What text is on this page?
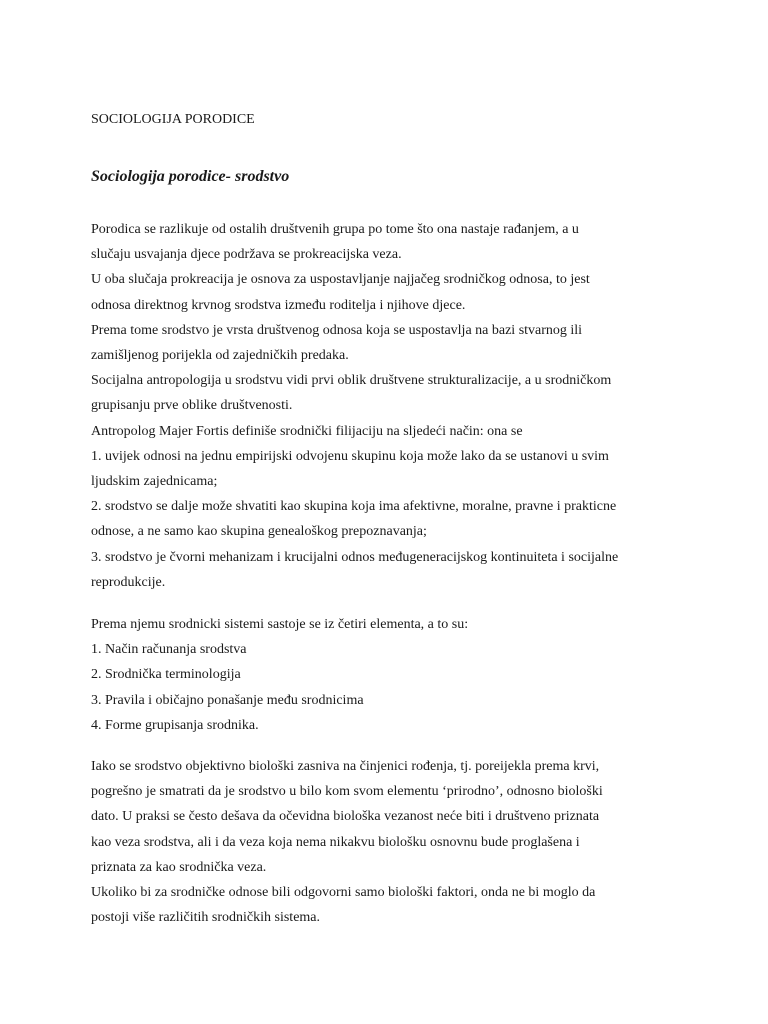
SOCIOLOGIJA PORODICE
Sociologija porodice- srodstvo
Porodica se razlikuje od ostalih društvenih grupa po tome što ona nastaje rađanjem, a u
slučaju usvajanja djece podržava se prokreacijska veza.
U oba slučaja prokreacija je osnova za uspostavljanje najjačeg srodničkog odnosa, to jest
odnosa direktnog krvnog srodstva između roditelja i njihove djece.
Prema tome srodstvo je vrsta društvenog odnosa koja se uspostavlja na bazi stvarnog ili
zamišljenog porijekla od zajedničkih predaka.
Socijalna antropologija u srodstvu vidi prvi oblik društvene strukturalizacije, a u srodničkom
grupisanju prve oblike društvenosti.
Antropolog Majer Fortis definiše srodnički filijaciju na sljedeći način: ona se
1. uvijek odnosi na jednu empirijski odvojenu skupinu koja može lako da se ustanovi u svim
ljudskim zajednicama;
2. srodstvo se dalje može shvatiti kao skupina koja ima afektivne, moralne, pravne i prakticne
odnose, a ne samo kao skupina genealoškog prepoznavanja;
3. srodstvo je čvorni mehanizam i krucijalni odnos međugeneracijskog kontinuiteta i socijalne
reprodukcije.
Prema njemu srodnicki sistemi sastoje se iz četiri elementa, a to su:
1. Način računanja srodstva
2. Srodnička terminologija
3. Pravila i običajno ponašanje među srodnicima
4. Forme grupisanja srodnika.
Iako se srodstvo objektivno biološki zasniva na činjenici rođenja, tj. poreijekla prema krvi,
pogrešno je smatrati da je srodstvo u bilo kom svom elementu ‘prirodno’, odnosno biološki
dato. U praksi se često dešava da očevidna biološka vezanost neće biti i društveno priznata
kao veza srodstva, ali i da veza koja nema nikakvu biološku osnovnu bude proglašena i
priznata za kao srodnička veza.
Ukoliko bi za srodničke odnose bili odgovorni samo biološki faktori, onda ne bi moglo da
postoji više različitih srodničkih sistema.
